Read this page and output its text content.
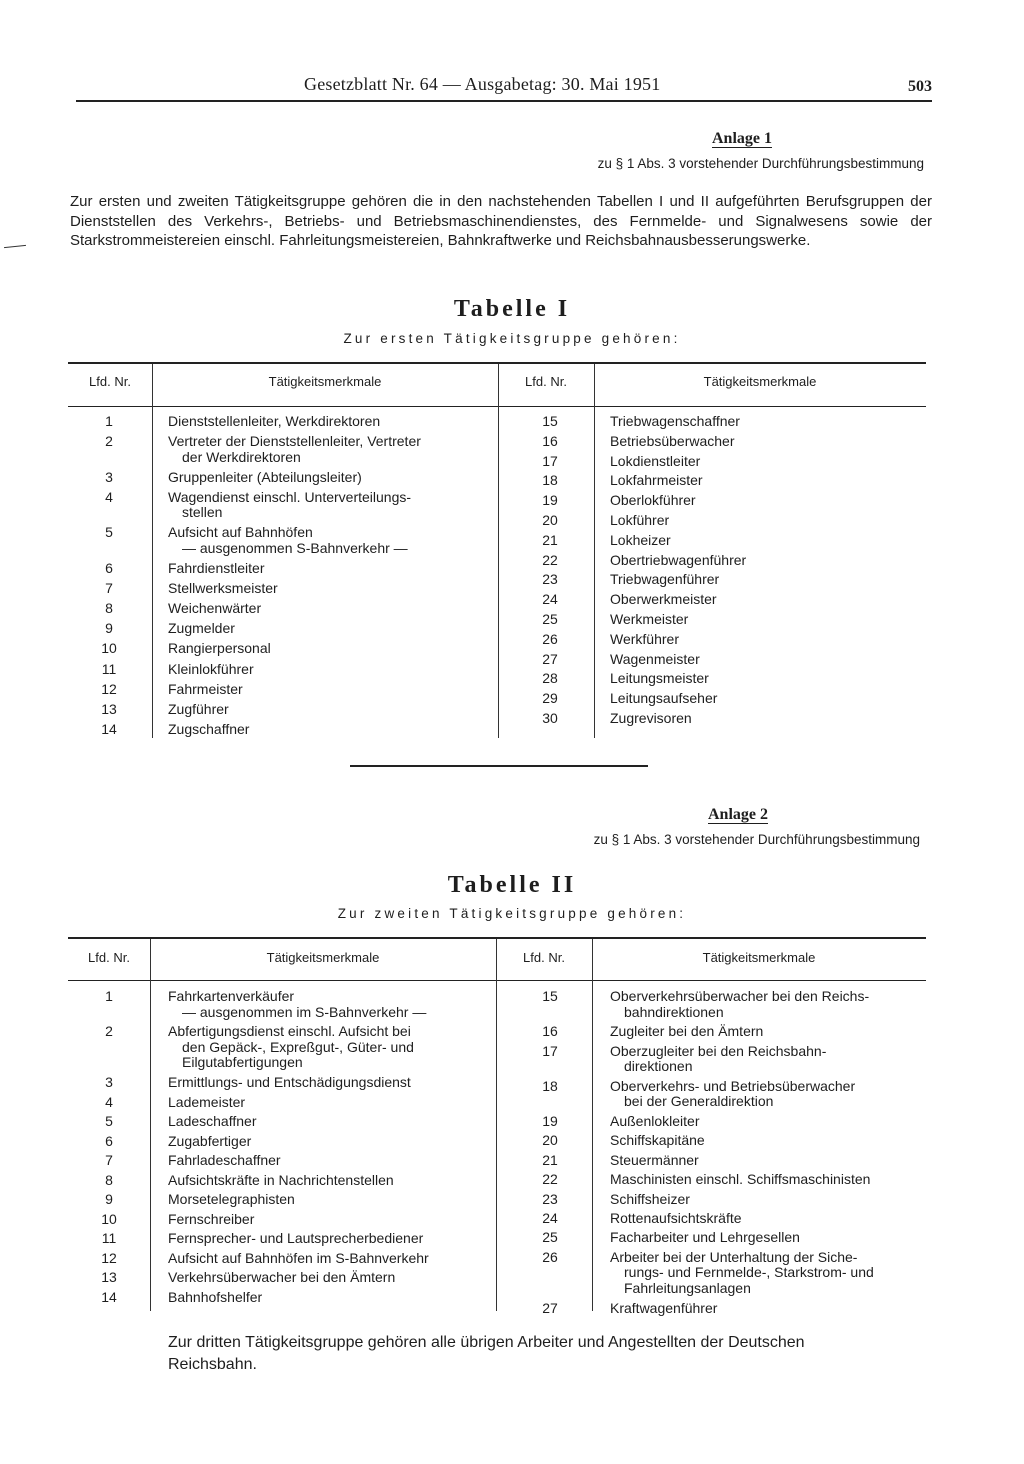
Gesetzblatt Nr. 64 — Ausgabetag: 30. Mai 1951	503
Anlage 1
zu § 1 Abs. 3 vorstehender Durchführungsbestimmung
Zur ersten und zweiten Tätigkeitsgruppe gehören die in den nachstehenden Tabellen I und II aufgeführten Berufsgruppen der Dienststellen des Verkehrs-, Betriebs- und Betriebsmaschinendienstes, des Fernmelde- und Signalwesens sowie der Starkstrommeistereien einschl. Fahrleitungsmeistereien, Bahnkraftwerke und Reichsbahnausbesserungswerke.
Tabelle I
Zur ersten Tätigkeitsgruppe gehören:
Lfd. Nr.	Tätigkeitsmerkmale	Lfd. Nr.	Tätigkeitsmerkmale
1	Dienststellenleiter, Werkdirektoren
2	Vertreter der Dienststellenleiter, Vertreter
der Werkdirektoren
3	Gruppenleiter (Abteilungsleiter)
4	Wagendienst einschl. Unterverteilungs-
stellen
5	Aufsicht auf Bahnhöfen
— ausgenommen S-Bahnverkehr —
6	Fahrdienstleiter
7	Stellwerksmeister
8	Weichenwärter
9	Zugmelder
10	Rangierpersonal
11	Kleinlokführer
12	Fahrmeister
13	Zugführer
14	Zugschaffner
15	Triebwagenschaffner
16	Betriebsüberwacher
17	Lokdienstleiter
18	Lokfahrmeister
19	Oberlokführer
20	Lokführer
21	Lokheizer
22	Obertriebwagenführer
23	Triebwagenführer
24	Oberwerkmeister
25	Werkmeister
26	Werkführer
27	Wagenmeister
28	Leitungsmeister
29	Leitungsaufseher
30	Zugrevisoren
Anlage 2
zu § 1 Abs. 3 vorstehender Durchführungsbestimmung
Tabelle II
Zur zweiten Tätigkeitsgruppe gehören:
Lfd. Nr.	Tätigkeitsmerkmale	Lfd. Nr.	Tätigkeitsmerkmale
1	Fahrkartenverkäufer
— ausgenommen im S-Bahnverkehr —
2	Abfertigungsdienst einschl. Aufsicht bei
den Gepäck-, Expreßgut-, Güter- und
Eilgutabfertigungen
3	Ermittlungs- und Entschädigungsdienst
4	Lademeister
5	Ladeschaffner
6	Zugabfertiger
7	Fahrladeschaffner
8	Aufsichtskräfte in Nachrichtenstellen
9	Morsetelegraphisten
10	Fernschreiber
11	Fernsprecher- und Lautsprecherbediener
12	Aufsicht auf Bahnhöfen im S-Bahnverkehr
13	Verkehrsüberwacher bei den Ämtern
14	Bahnhofshelfer
15	Oberverkehrsüberwacher bei den Reichs-
bahndirektionen
16	Zugleiter bei den Ämtern
17	Oberzugleiter bei den Reichsbahn-
direktionen
18	Oberverkehrs- und Betriebsüberwacher
bei der Generaldirektion
19	Außenlokleiter
20	Schiffskapitäne
21	Steuermänner
22	Maschinisten einschl. Schiffsmaschinisten
23	Schiffsheizer
24	Rottenaufsichtskräfte
25	Facharbeiter und Lehrgesellen
26	Arbeiter bei der Unterhaltung der Siche-
rungs- und Fernmelde-, Starkstrom- und
Fahrleitungsanlagen
27	Kraftwagenführer
Zur dritten Tätigkeitsgruppe gehören alle übrigen Arbeiter und Angestellten der Deutschen Reichsbahn.
